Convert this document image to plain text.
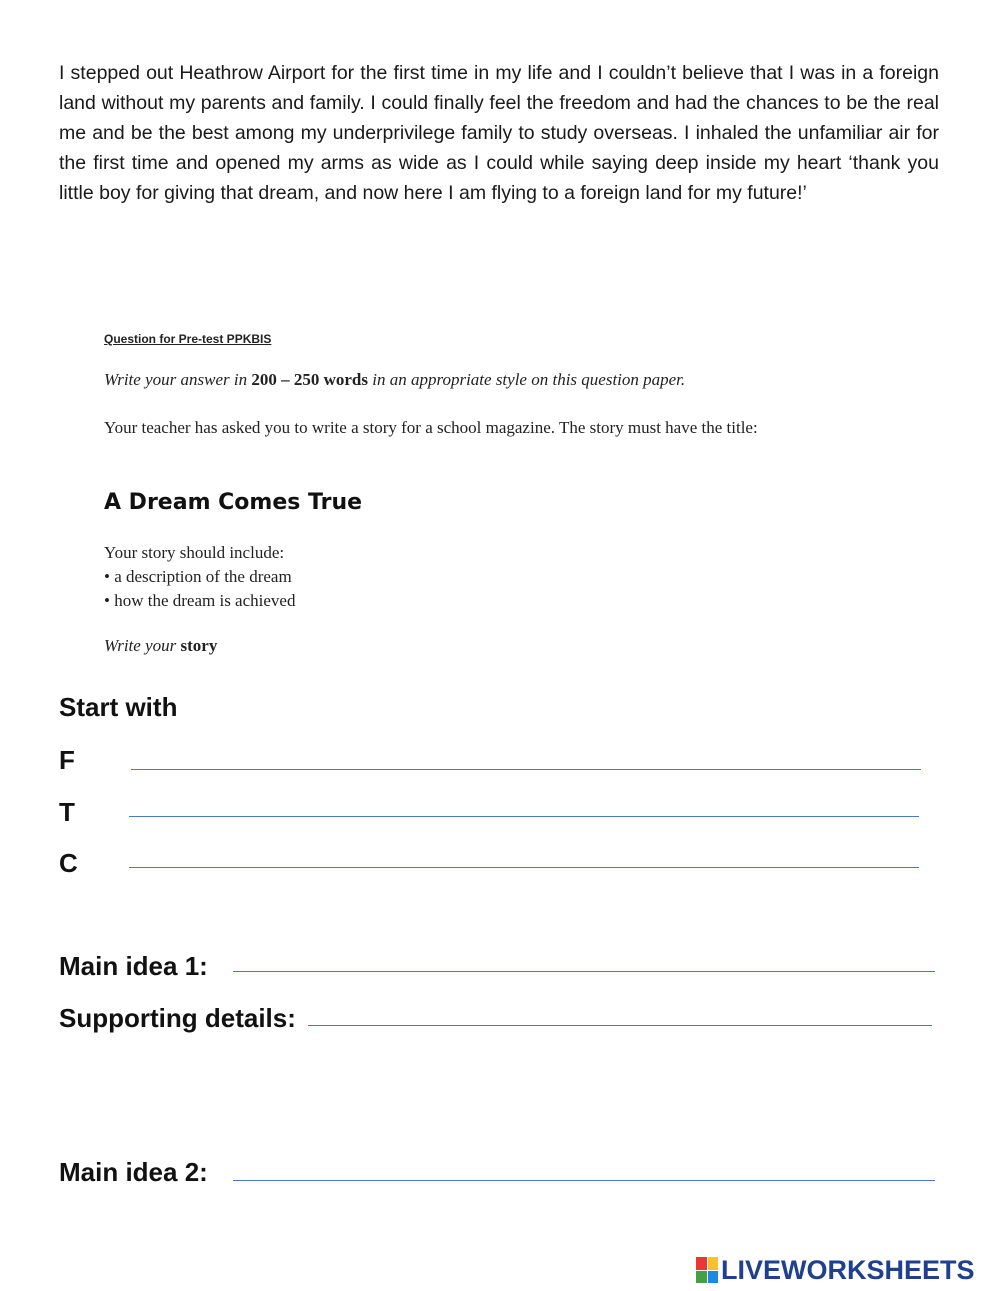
I stepped out Heathrow Airport for the first time in my life and I couldn’t believe that I was in a foreign land without my parents and family. I could finally feel the freedom and had the chances to be the real me and be the best among my underprivilege family to study overseas. I inhaled the unfamiliar air for the first time and opened my arms as wide as I could while saying deep inside my heart ‘thank you little boy for giving that dream, and now here I am flying to a foreign land for my future!’

Question for Pre-test PPKBIS
Write your answer in 200 – 250 words in an appropriate style on this question paper.
Your teacher has asked you to write a story for a school magazine. The story must have the title:
A Dream Comes True
Your story should include:
• a description of the dream
• how the dream is achieved
Write your story
Start with
F
T
C
Main idea 1:
Supporting details:
Main idea 2:
LIVEWORKSHEETS
